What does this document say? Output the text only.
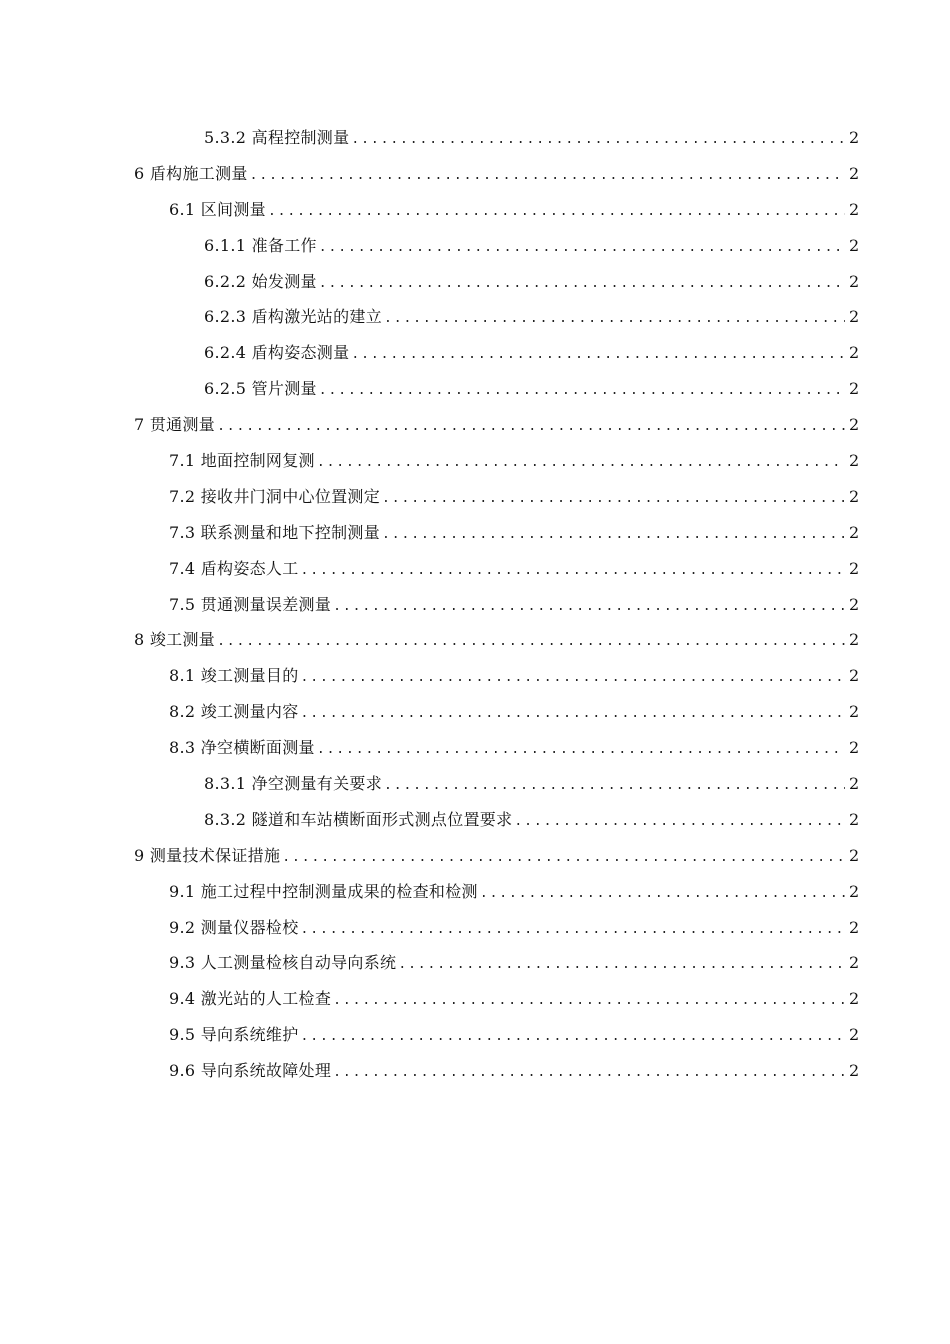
5.3.2 高程控制测量 .....	2
6 盾构施工测量 .....	2
6.1 区间测量 .....	2
6.1.1 准备工作 .....	2
6.2.2 始发测量 .....	2
6.2.3 盾构激光站的建立 .....	2
6.2.4 盾构姿态测量 .....	2
6.2.5 管片测量 .....	2
7 贯通测量 .....	2
7.1 地面控制网复测 .....	2
7.2 接收井门洞中心位置测定 .....	2
7.3 联系测量和地下控制测量 .....	2
7.4 盾构姿态人工 .....	2
7.5 贯通测量误差测量 .....	2
8 竣工测量 .....	2
8.1 竣工测量目的 .....	2
8.2 竣工测量内容 .....	2
8.3 净空横断面测量 .....	2
8.3.1 净空测量有关要求 .....	2
8.3.2 隧道和车站横断面形式测点位置要求 .....	2
9 测量技术保证措施 .....	2
9.1 施工过程中控制测量成果的检查和检测 .....	2
9.2 测量仪器检校 .....	2
9.3 人工测量检核自动导向系统 .....	2
9.4 激光站的人工检查 .....	2
9.5 导向系统维护 .....	2
9.6 导向系统故障处理 .....	2
